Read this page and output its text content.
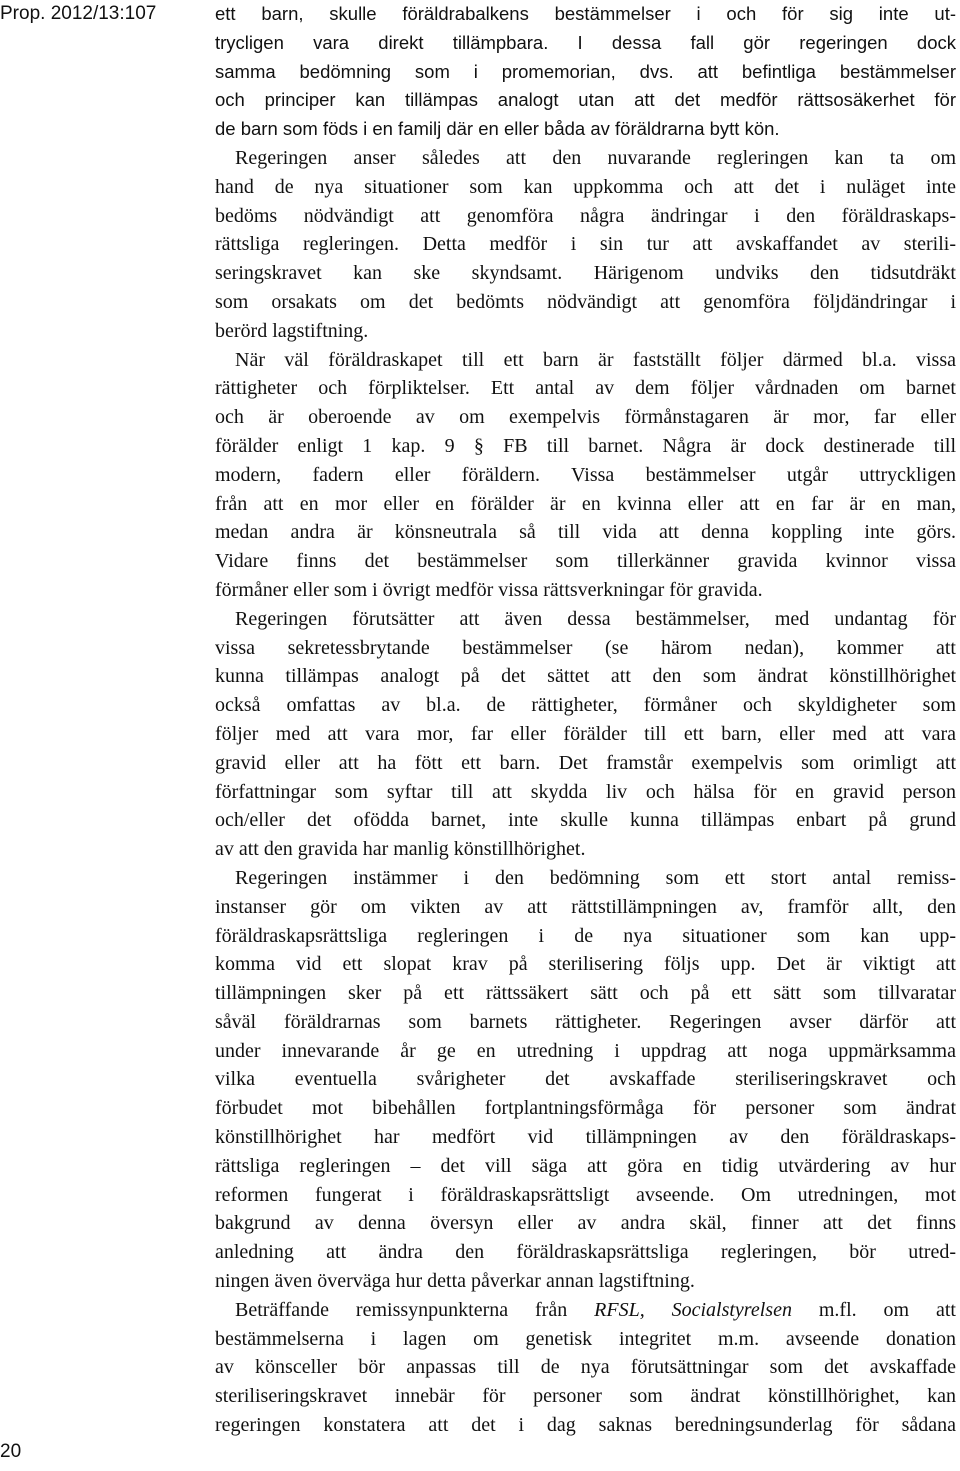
Prop. 2012/13:107
20
ett barn, skulle föräldrabalkens bestämmelser i och för sig inte ut-
trycligen vara direkt tillämpbara. I dessa fall gör regeringen dock
samma bedömning som i promemorian, dvs. att befintliga bestämmelser
och principer kan tillämpas analogt utan att det medför rättsosäkerhet för
de barn som föds i en familj där en eller båda av föräldrarna bytt kön.
Regeringen anser således att den nuvarande regleringen kan ta om
hand de nya situationer som kan uppkomma och att det i nuläget inte
bedöms nödvändigt att genomföra några ändringar i den föräldraskaps-
rättsliga regleringen. Detta medför i sin tur att avskaffandet av sterili-
seringskravet kan ske skyndsamt. Härigenom undviks den tidsutdräkt
som orsakats om det bedömts nödvändigt att genomföra följdändringar i
berörd lagstiftning.
När väl föräldraskapet till ett barn är fastställt följer därmed bl.a. vissa
rättigheter och förpliktelser. Ett antal av dem följer vårdnaden om barnet
och är oberoende av om exempelvis förmånstagaren är mor, far eller
förälder enligt 1 kap. 9 § FB till barnet. Några är dock destinerade till
modern, fadern eller föräldern. Vissa bestämmelser utgår uttryckligen
från att en mor eller en förälder är en kvinna eller att en far är en man,
medan andra är könsneutrala så till vida att denna koppling inte görs.
Vidare finns det bestämmelser som tillerkänner gravida kvinnor vissa
förmåner eller som i övrigt medför vissa rättsverkningar för gravida.
Regeringen förutsätter att även dessa bestämmelser, med undantag för
vissa sekretessbrytande bestämmelser (se härom nedan), kommer att
kunna tillämpas analogt på det sättet att den som ändrat könstillhörighet
också omfattas av bl.a. de rättigheter, förmåner och skyldigheter som
följer med att vara mor, far eller förälder till ett barn, eller med att vara
gravid eller att ha fött ett barn. Det framstår exempelvis som orimligt att
författningar som syftar till att skydda liv och hälsa för en gravid person
och/eller det ofödda barnet, inte skulle kunna tillämpas enbart på grund
av att den gravida har manlig könstillhörighet.
Regeringen instämmer i den bedömning som ett stort antal remiss-
instanser gör om vikten av att rättstillämpningen av, framför allt, den
föräldraskapsrättsliga regleringen i de nya situationer som kan upp-
komma vid ett slopat krav på sterilisering följs upp. Det är viktigt att
tillämpningen sker på ett rättssäkert sätt och på ett sätt som tillvaratar
såväl föräldrarnas som barnets rättigheter. Regeringen avser därför att
under innevarande år ge en utredning i uppdrag att noga uppmärksamma
vilka eventuella svårigheter det avskaffade steriliseringskravet och
förbudet mot bibehållen fortplantningsförmåga för personer som ändrat
könstillhörighet har medfört vid tillämpningen av den föräldraskaps-
rättsliga regleringen – det vill säga att göra en tidig utvärdering av hur
reformen fungerat i föräldraskapsrättsligt avseende. Om utredningen, mot
bakgrund av denna översyn eller av andra skäl, finner att det finns
anledning att ändra den föräldraskapsrättsliga regleringen, bör utred-
ningen även överväga hur detta påverkar annan lagstiftning.
Beträffande remissynpunkterna från RFSL, Socialstyrelsen m.fl. om att
bestämmelserna i lagen om genetisk integritet m.m. avseende donation
av könsceller bör anpassas till de nya förutsättningar som det avskaffade
steriliseringskravet innebär för personer som ändrat könstillhörighet, kan
regeringen konstatera att det i dag saknas beredningsunderlag för sådana
